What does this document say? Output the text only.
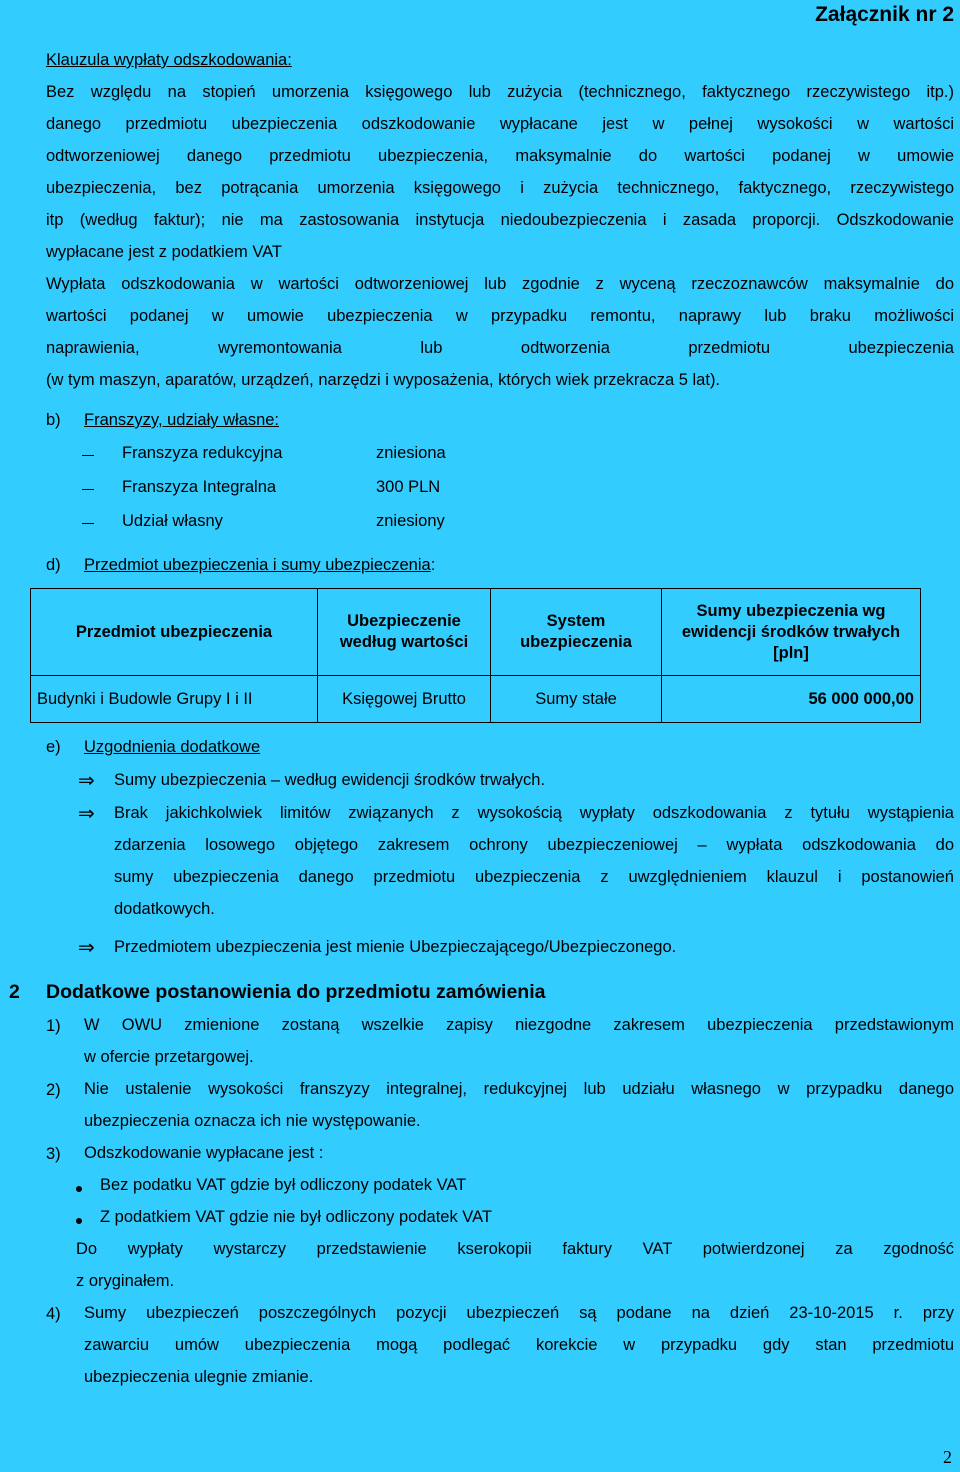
Załącznik nr 2
Klauzula wypłaty odszkodowania:
Bez względu na stopień umorzenia księgowego lub zużycia (technicznego, faktycznego rzeczywistego itp.)
danego przedmiotu ubezpieczenia odszkodowanie wypłacane jest w pełnej wysokości w wartości
odtworzeniowej danego przedmiotu ubezpieczenia, maksymalnie do wartości podanej w umowie
ubezpieczenia, bez potrącania umorzenia księgowego i zużycia technicznego, faktycznego, rzeczywistego
itp (według faktur); nie ma zastosowania instytucja niedoubezpieczenia i zasada proporcji. Odszkodowanie
wypłacane jest z podatkiem VAT
Wypłata odszkodowania w wartości odtworzeniowej lub zgodnie z wyceną rzeczoznawców maksymalnie do
wartości podanej w umowie ubezpieczenia w przypadku remontu, naprawy lub braku możliwości
naprawienia, wyremontowania lub odtworzenia przedmiotu ubezpieczenia
(w tym maszyn, aparatów, urządzeń, narzędzi i wyposażenia, których wiek przekracza 5 lat).
b) Franszyzy, udziały własne:
Franszyza redukcyjna	zniesiona
Franszyza Integralna	300 PLN
Udział własny	zniesiony
d) Przedmiot ubezpieczenia i sumy ubezpieczenia:
Przedmiot ubezpieczenia	Ubezpieczenie według wartości	System ubezpieczenia	Sumy ubezpieczenia wg ewidencji środków trwałych [pln]
Budynki i Budowle Grupy I i II	Księgowej Brutto	Sumy stałe	56 000 000,00
e) Uzgodnienia dodatkowe
⇒ Sumy ubezpieczenia – według ewidencji środków trwałych.
⇒ Brak jakichkolwiek limitów związanych z wysokością wypłaty odszkodowania z tytułu wystąpienia
zdarzenia losowego objętego zakresem ochrony ubezpieczeniowej – wypłata odszkodowania do
sumy ubezpieczenia danego przedmiotu ubezpieczenia z uwzględnieniem klauzul i postanowień
dodatkowych.
⇒ Przedmiotem ubezpieczenia jest mienie Ubezpieczającego/Ubezpieczonego.
2 Dodatkowe postanowienia do przedmiotu zamówienia
1) W OWU zmienione zostaną wszelkie zapisy niezgodne zakresem ubezpieczenia przedstawionym
w ofercie przetargowej.
2) Nie ustalenie wysokości franszyzy integralnej, redukcyjnej lub udziału własnego w przypadku danego
ubezpieczenia oznacza ich nie występowanie.
3) Odszkodowanie wypłacane jest :
Bez podatku VAT gdzie był odliczony podatek VAT
Z podatkiem VAT gdzie nie był odliczony podatek VAT
Do wypłaty wystarczy przedstawienie kserokopii faktury VAT potwierdzonej za zgodność
z oryginałem.
4) Sumy ubezpieczeń poszczególnych pozycji ubezpieczeń są podane na dzień 23-10-2015 r. przy
zawarciu umów ubezpieczenia mogą podlegać korekcie w przypadku gdy stan przedmiotu
ubezpieczenia ulegnie zmianie.
2
